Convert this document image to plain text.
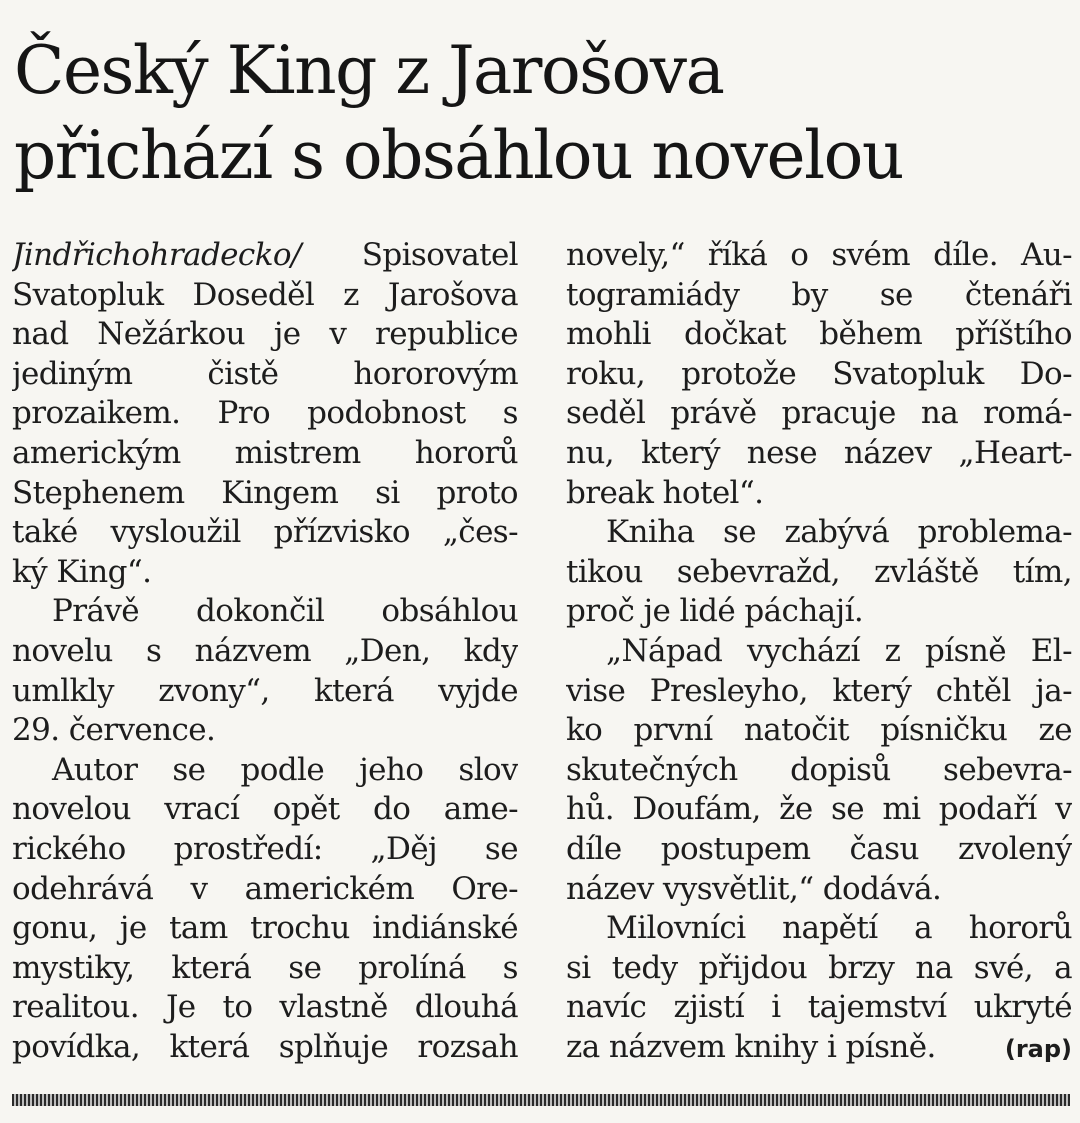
Český King z Jarošova
přichází s obsáhlou novelou
Jindřichohradecko/ Spisovatel
Svatopluk Doseděl z Jarošova
nad Nežárkou je v republice
jediným čistě hororovým
prozaikem. Pro podobnost s
americkým mistrem hororů
Stephenem Kingem si proto
také vysloužil přízvisko „čes-
ký King“.
Právě dokončil obsáhlou
novelu s názvem „Den, kdy
umlkly zvony“, která vyjde
29. července.
Autor se podle jeho slov
novelou vrací opět do ame-
rického prostředí: „Děj se
odehrává v americkém Ore-
gonu, je tam trochu indiánské
mystiky, která se prolíná s
realitou. Je to vlastně dlouhá
povídka, která splňuje rozsah
novely,“ říká o svém díle. Au-
togramiády by se čtenáři
mohli dočkat během příštího
roku, protože Svatopluk Do-
seděl právě pracuje na romá-
nu, který nese název „Heart-
break hotel“.
Kniha se zabývá problema-
tikou sebevražd, zvláště tím,
proč je lidé páchají.
„Nápad vychází z písně El-
vise Presleyho, který chtěl ja-
ko první natočit písničku ze
skutečných dopisů sebevra-
hů. Doufám, že se mi podaří v
díle postupem času zvolený
název vysvětlit,“ dodává.
Milovníci napětí a hororů
si tedy přijdou brzy na své, a
navíc zjistí i tajemství ukryté
za názvem knihy i písně.	(rap)
